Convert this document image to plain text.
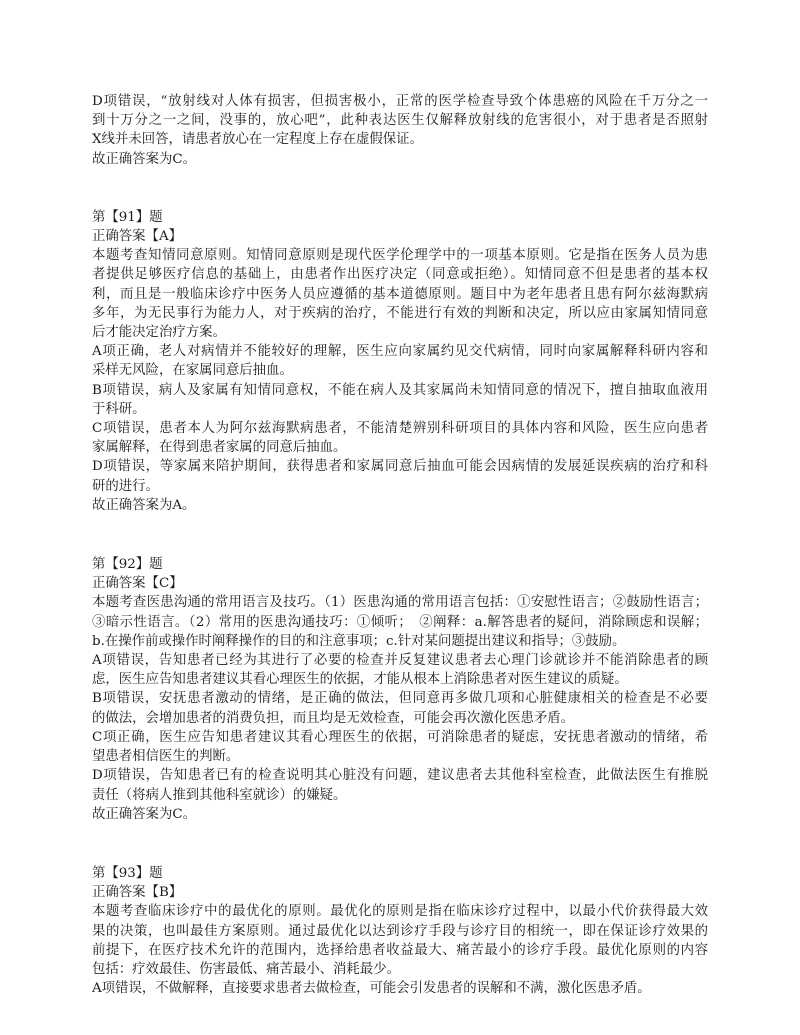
D项错误，“放射线对人体有损害，但损害极小，正常的医学检查导致个体患癌的风险在千万分之一
到十万分之一之间，没事的，放心吧”，此种表达医生仅解释放射线的危害很小，对于患者是否照射
X线并未回答，请患者放心在一定程度上存在虚假保证。
故正确答案为C。
第【91】题
正确答案【A】
本题考查知情同意原则。知情同意原则是现代医学伦理学中的一项基本原则。它是指在医务人员为患
者提供足够医疗信息的基础上，由患者作出医疗决定（同意或拒绝）。知情同意不但是患者的基本权
利，而且是一般临床诊疗中医务人员应遵循的基本道德原则。题目中为老年患者且患有阿尔兹海默病
多年，为无民事行为能力人，对于疾病的治疗，不能进行有效的判断和决定，所以应由家属知情同意
后才能决定治疗方案。
A项正确，老人对病情并不能较好的理解，医生应向家属约见交代病情，同时向家属解释科研内容和
采样无风险，在家属同意后抽血。
B项错误，病人及家属有知情同意权，不能在病人及其家属尚未知情同意的情况下，擅自抽取血液用
于科研。
C项错误，患者本人为阿尔兹海默病患者，不能清楚辨别科研项目的具体内容和风险，医生应向患者
家属解释，在得到患者家属的同意后抽血。
D项错误，等家属来陪护期间，获得患者和家属同意后抽血可能会因病情的发展延误疾病的治疗和科
研的进行。
故正确答案为A。
第【92】题
正确答案【C】
本题考查医患沟通的常用语言及技巧。（1）医患沟通的常用语言包括：①安慰性语言；②鼓励性语言；
③暗示性语言。（2）常用的医患沟通技巧：①倾听；　②阐释：a.解答患者的疑问，消除顾虑和误解；
b.在操作前或操作时阐释操作的目的和注意事项；c.针对某问题提出建议和指导；③鼓励。
A项错误，告知患者已经为其进行了必要的检查并反复建议患者去心理门诊就诊并不能消除患者的顾
虑，医生应告知患者建议其看心理医生的依据，才能从根本上消除患者对医生建议的质疑。
B项错误，安抚患者激动的情绪，是正确的做法，但同意再多做几项和心脏健康相关的检查是不必要
的做法，会增加患者的消费负担，而且均是无效检查，可能会再次激化医患矛盾。
C项正确，医生应告知患者建议其看心理医生的依据，可消除患者的疑虑，安抚患者激动的情绪，希
望患者相信医生的判断。
D项错误，告知患者已有的检查说明其心脏没有问题，建议患者去其他科室检查，此做法医生有推脱
责任（将病人推到其他科室就诊）的嫌疑。
故正确答案为C。
第【93】题
正确答案【B】
本题考查临床诊疗中的最优化的原则。最优化的原则是指在临床诊疗过程中，以最小代价获得最大效
果的决策，也叫最佳方案原则。通过最优化以达到诊疗手段与诊疗目的相统一，即在保证诊疗效果的
前提下，在医疗技术允许的范围内，选择给患者收益最大、痛苦最小的诊疗手段。最优化原则的内容
包括：疗效最佳、伤害最低、痛苦最小、消耗最少。
A项错误，不做解释，直接要求患者去做检查，可能会引发患者的误解和不满，激化医患矛盾。
